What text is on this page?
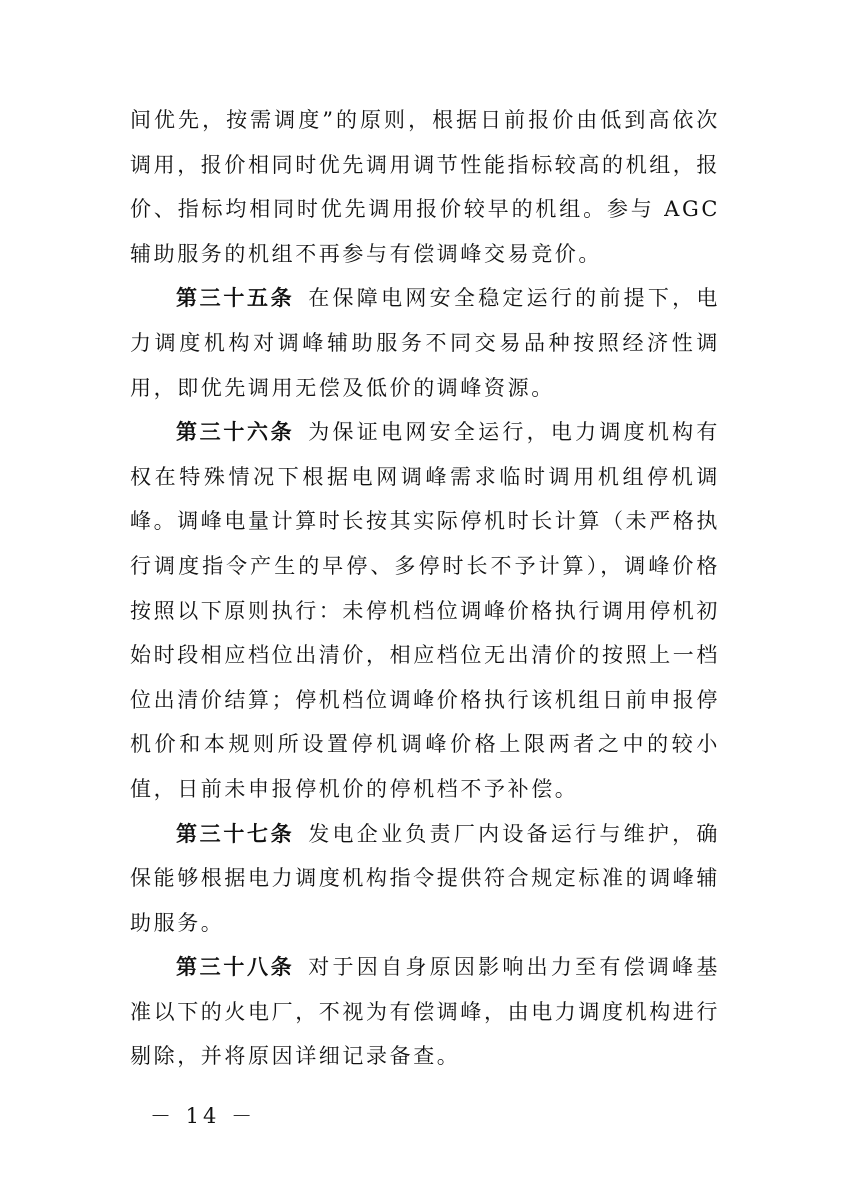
间优先，按需调度”的原则，根据日前报价由低到高依次调用，报价相同时优先调用调节性能指标较高的机组，报价、指标均相同时优先调用报价较早的机组。参与 AGC 辅助服务的机组不再参与有偿调峰交易竞价。

第三十五条 在保障电网安全稳定运行的前提下，电力调度机构对调峰辅助服务不同交易品种按照经济性调用，即优先调用无偿及低价的调峰资源。

第三十六条 为保证电网安全运行，电力调度机构有权在特殊情况下根据电网调峰需求临时调用机组停机调峰。调峰电量计算时长按其实际停机时长计算（未严格执行调度指令产生的早停、多停时长不予计算），调峰价格按照以下原则执行：未停机档位调峰价格执行调用停机初始时段相应档位出清价，相应档位无出清价的按照上一档位出清价结算；停机档位调峰价格执行该机组日前申报停机价和本规则所设置停机调峰价格上限两者之中的较小值，日前未申报停机价的停机档不予补偿。

第三十七条 发电企业负责厂内设备运行与维护，确保能够根据电力调度机构指令提供符合规定标准的调峰辅助服务。

第三十八条 对于因自身原因影响出力至有偿调峰基准以下的火电厂，不视为有偿调峰，由电力调度机构进行剔除，并将原因详细记录备查。

－ 14 －
